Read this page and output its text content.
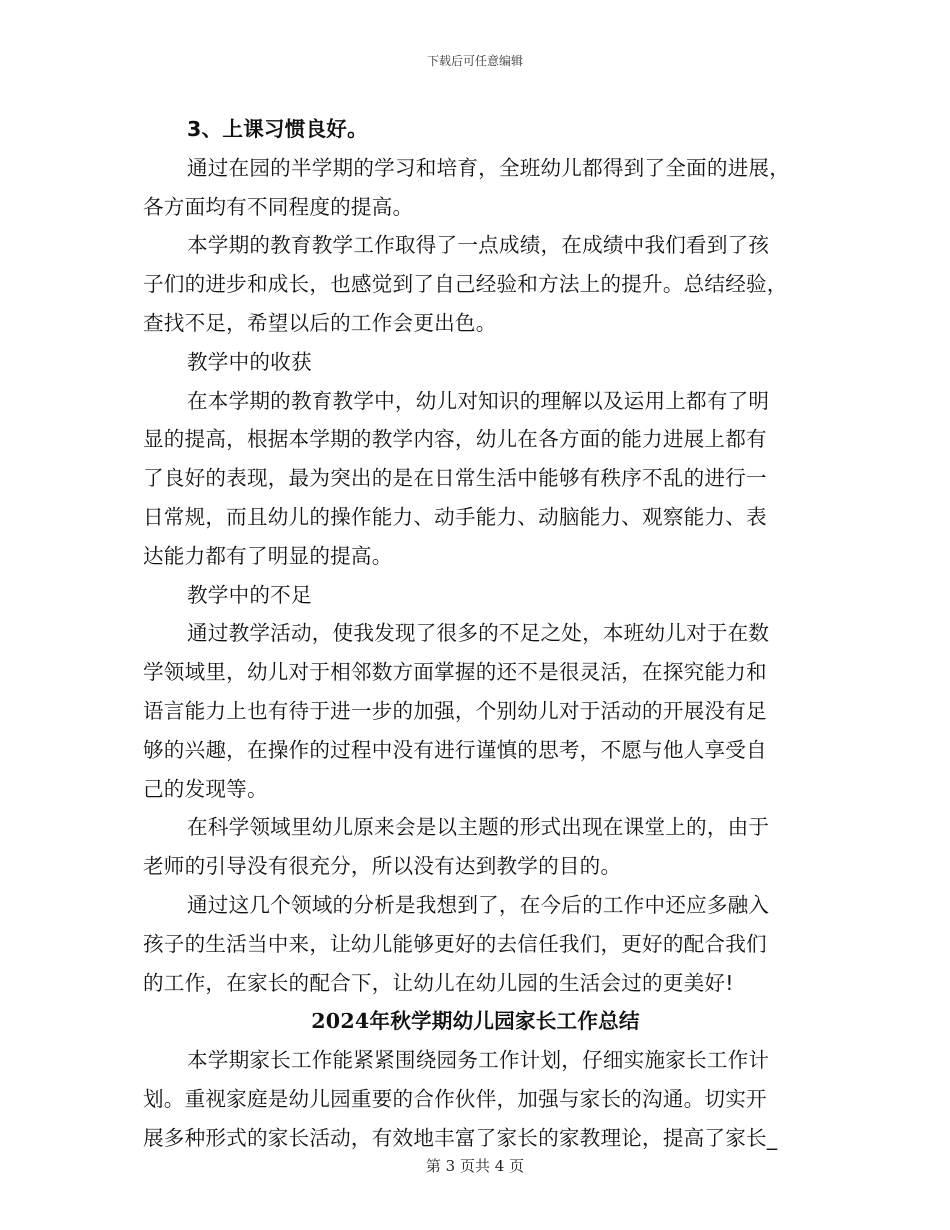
下载后可任意编辑
3、上课习惯良好。
通过在园的半学期的学习和培育，全班幼儿都得到了全面的进展，
各方面均有不同程度的提高。
本学期的教育教学工作取得了一点成绩，在成绩中我们看到了孩
子们的进步和成长，也感觉到了自己经验和方法上的提升。总结经验，
查找不足，希望以后的工作会更出色。
教学中的收获
在本学期的教育教学中，幼儿对知识的理解以及运用上都有了明
显的提高，根据本学期的教学内容，幼儿在各方面的能力进展上都有
了良好的表现，最为突出的是在日常生活中能够有秩序不乱的进行一
日常规，而且幼儿的操作能力、动手能力、动脑能力、观察能力、表
达能力都有了明显的提高。
教学中的不足
通过教学活动，使我发现了很多的不足之处，本班幼儿对于在数
学领域里，幼儿对于相邻数方面掌握的还不是很灵活，在探究能力和
语言能力上也有待于进一步的加强，个别幼儿对于活动的开展没有足
够的兴趣，在操作的过程中没有进行谨慎的思考，不愿与他人享受自
己的发现等。
在科学领域里幼儿原来会是以主题的形式出现在课堂上的，由于
老师的引导没有很充分，所以没有达到教学的目的。
通过这几个领域的分析是我想到了，在今后的工作中还应多融入
孩子的生活当中来，让幼儿能够更好的去信任我们，更好的配合我们
的工作，在家长的配合下，让幼儿在幼儿园的生活会过的更美好!
2024年秋学期幼儿园家长工作总结
本学期家长工作能紧紧围绕园务工作计划，仔细实施家长工作计
划。重视家庭是幼儿园重要的合作伙伴，加强与家长的沟通。切实开
展多种形式的家长活动，有效地丰富了家长的家教理论，提高了家长_
第 3 页共 4 页
